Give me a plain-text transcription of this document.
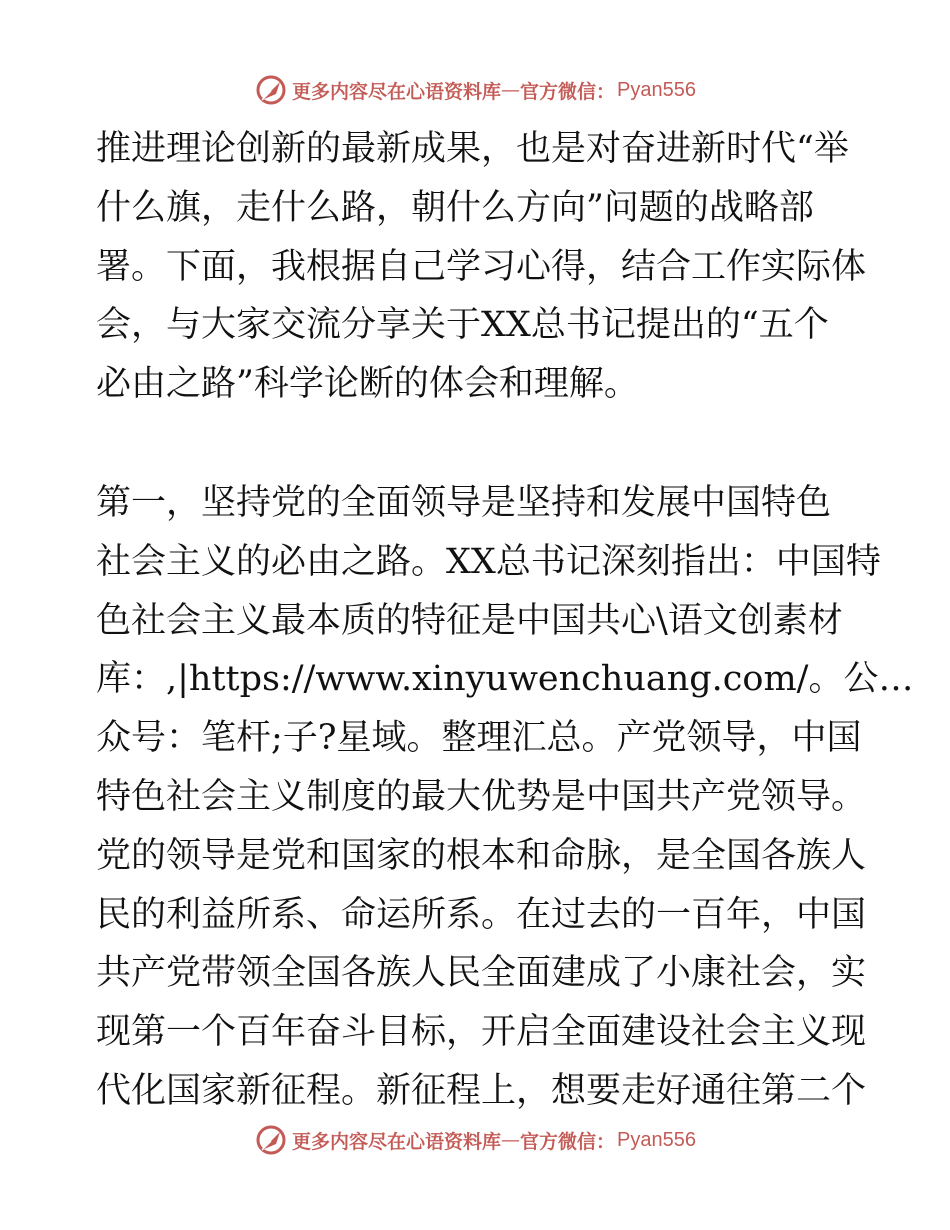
更多内容尽在心语资料库 — 官方微信： Pyan556
推进理论创新的最新成果，也是对奋进新时代“举
什么旗，走什么路，朝什么方向”问题的战略部
署。下面，我根据自己学习心得，结合工作实际体
会，与大家交流分享关于XX总书记提出的“五个
必由之路”科学论断的体会和理解。
第一，坚持党的全面领导是坚持和发展中国特色
社会主义的必由之路。XX总书记深刻指出：中国特
色社会主义最本质的特征是中国共心\语文创素材
库：,|https://www.xinyuwenchuang.com/。公…
众号：笔杆;子?星域。整理汇总。产党领导，中国
特色社会主义制度的最大优势是中国共产党领导。
党的领导是党和国家的根本和命脉，是全国各族人
民的利益所系、命运所系。在过去的一百年，中国
共产党带领全国各族人民全面建成了小康社会，实
现第一个百年奋斗目标，开启全面建设社会主义现
代化国家新征程。新征程上，想要走好通往第二个
更多内容尽在心语资料库 — 官方微信： Pyan556
